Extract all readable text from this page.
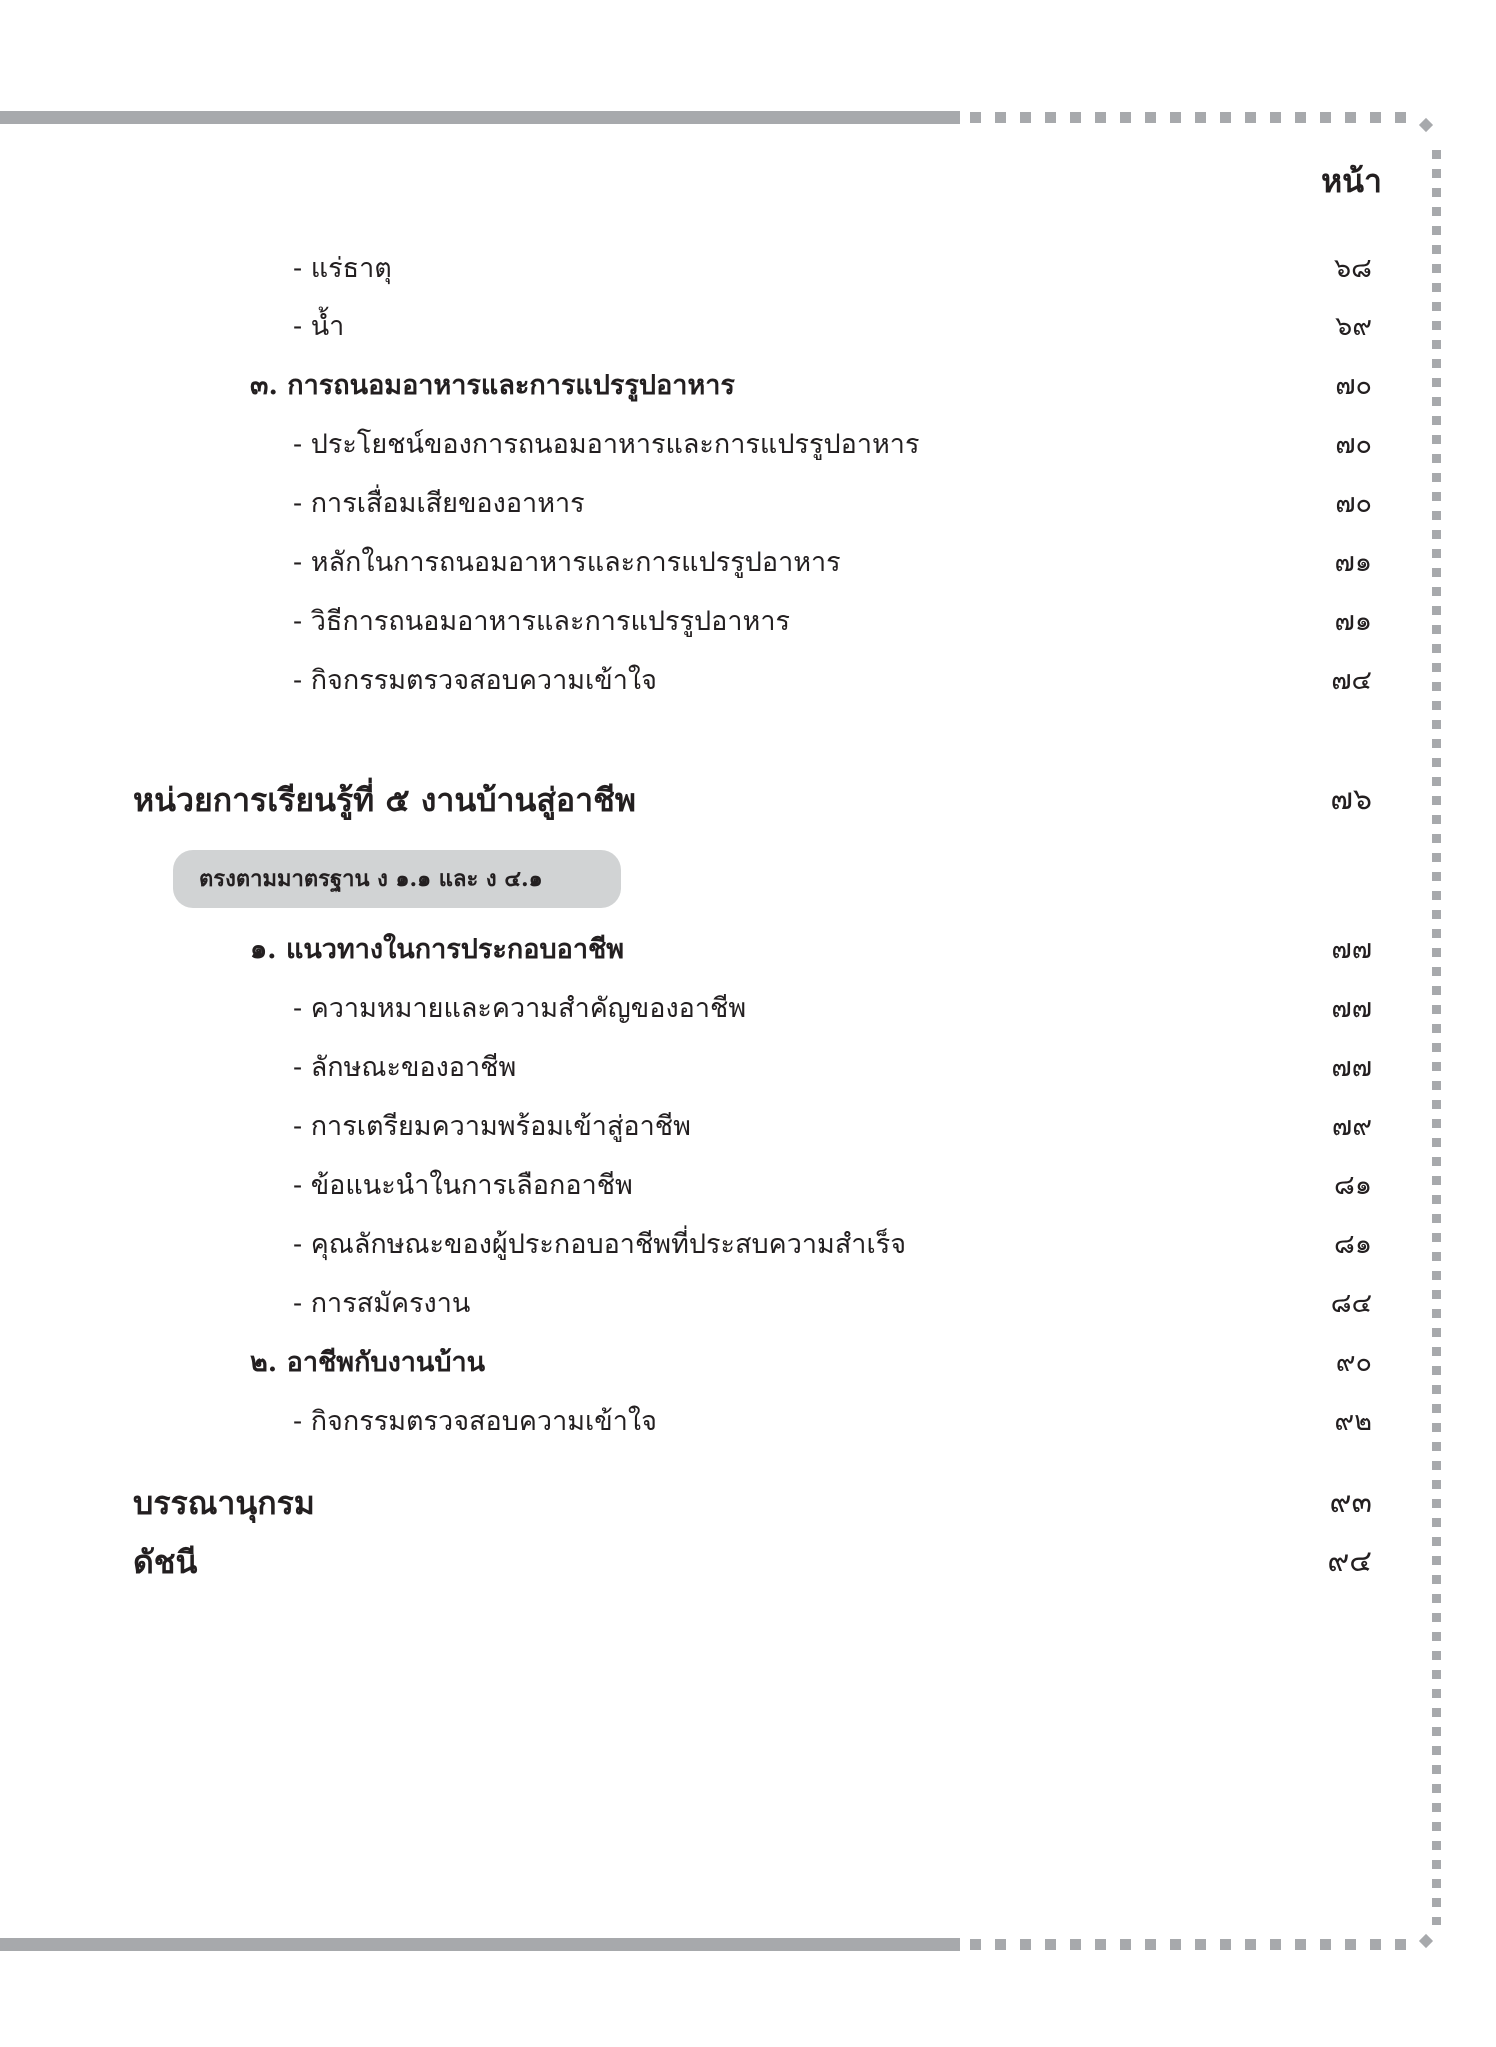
หน้า
- แร่ธาตุ	๖๘
- น้ำ	๖๙
๓. การถนอมอาหารและการแปรรูปอาหาร	๗๐
- ประโยชน์ของการถนอมอาหารและการแปรรูปอาหาร	๗๐
- การเสื่อมเสียของอาหาร	๗๐
- หลักในการถนอมอาหารและการแปรรูปอาหาร	๗๑
- วิธีการถนอมอาหารและการแปรรูปอาหาร	๗๑
- กิจกรรมตรวจสอบความเข้าใจ	๗๔
หน่วยการเรียนรู้ที่ ๕ งานบ้านสู่อาชีพ	๗๖
ตรงตามมาตรฐาน ง ๑.๑ และ ง ๔.๑
๑. แนวทางในการประกอบอาชีพ	๗๗
- ความหมายและความสำคัญของอาชีพ	๗๗
- ลักษณะของอาชีพ	๗๗
- การเตรียมความพร้อมเข้าสู่อาชีพ	๗๙
- ข้อแนะนำในการเลือกอาชีพ	๘๑
- คุณลักษณะของผู้ประกอบอาชีพที่ประสบความสำเร็จ	๘๑
- การสมัครงาน	๘๔
๒. อาชีพกับงานบ้าน	๙๐
- กิจกรรมตรวจสอบความเข้าใจ	๙๒
บรรณานุกรม	๙๓
ดัชนี	๙๔
